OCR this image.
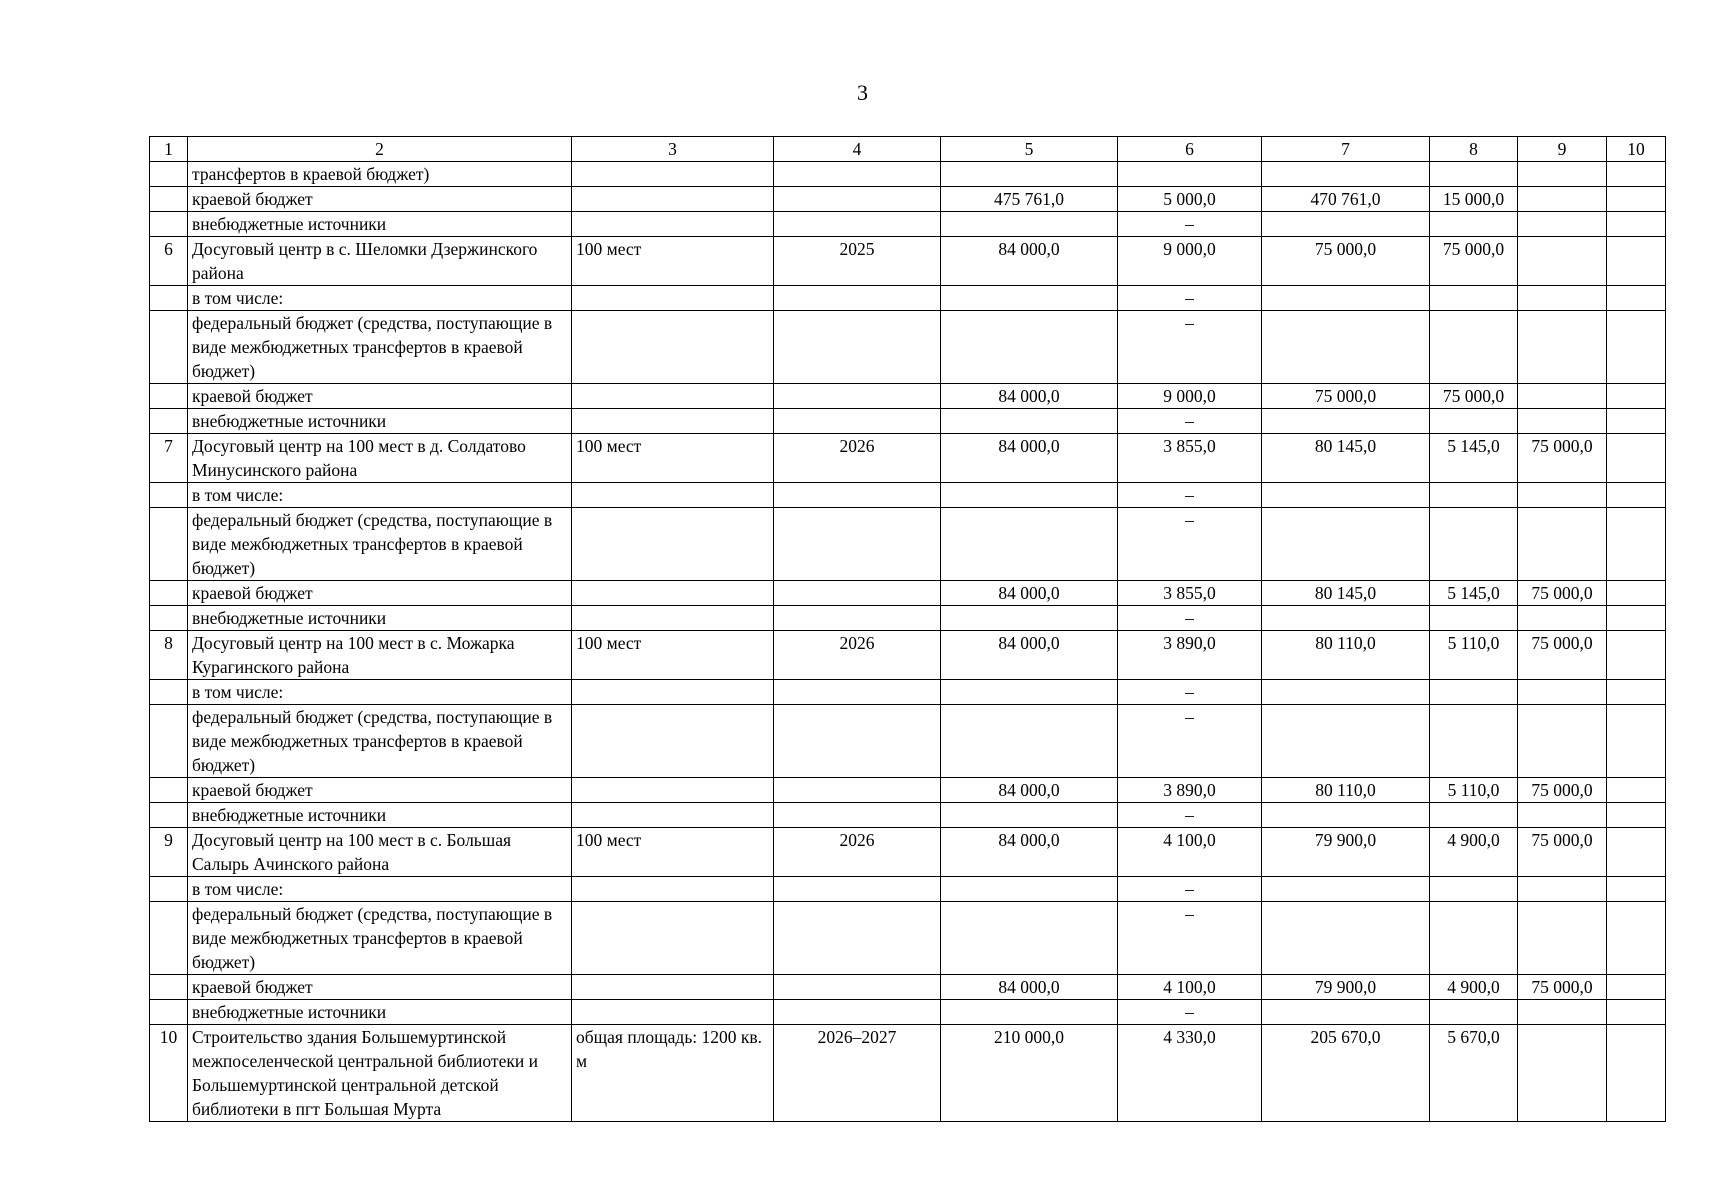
3
1	2	3	4	5	6	7	8	9	10
	трансфертов в краевой бюджет)								
	краевой бюджет			475 761,0	5 000,0	470 761,0	15 000,0		
	внебюджетные источники				–				
6	Досуговый центр в с. Шеломки Дзержинского района	100 мест	2025	84 000,0	9 000,0	75 000,0	75 000,0		
	в том числе:				–				
	федеральный бюджет (средства, поступающие в виде межбюджетных трансфертов в краевой бюджет)				–				
	краевой бюджет			84 000,0	9 000,0	75 000,0	75 000,0		
	внебюджетные источники				–				
7	Досуговый центр на 100 мест в д. Солдатово Минусинского района	100 мест	2026	84 000,0	3 855,0	80 145,0	5 145,0	75 000,0	
	в том числе:				–				
	федеральный бюджет (средства, поступающие в виде межбюджетных трансфертов в краевой бюджет)				–				
	краевой бюджет			84 000,0	3 855,0	80 145,0	5 145,0	75 000,0	
	внебюджетные источники				–				
8	Досуговый центр на 100 мест в с. Можарка Курагинского района	100 мест	2026	84 000,0	3 890,0	80 110,0	5 110,0	75 000,0	
	в том числе:				–				
	федеральный бюджет (средства, поступающие в виде межбюджетных трансфертов в краевой бюджет)				–				
	краевой бюджет			84 000,0	3 890,0	80 110,0	5 110,0	75 000,0	
	внебюджетные источники				–				
9	Досуговый центр на 100 мест в с. Большая Салырь Ачинского района	100 мест	2026	84 000,0	4 100,0	79 900,0	4 900,0	75 000,0	
	в том числе:				–				
	федеральный бюджет (средства, поступающие в виде межбюджетных трансфертов в краевой бюджет)				–				
	краевой бюджет			84 000,0	4 100,0	79 900,0	4 900,0	75 000,0	
	внебюджетные источники				–				
10	Строительство здания Большемуртинской межпоселенческой центральной библиотеки и Большемуртинской центральной детской библиотеки в пгт Большая Мурта	общая площадь: 1200 кв. м	2026–2027	210 000,0	4 330,0	205 670,0	5 670,0		
